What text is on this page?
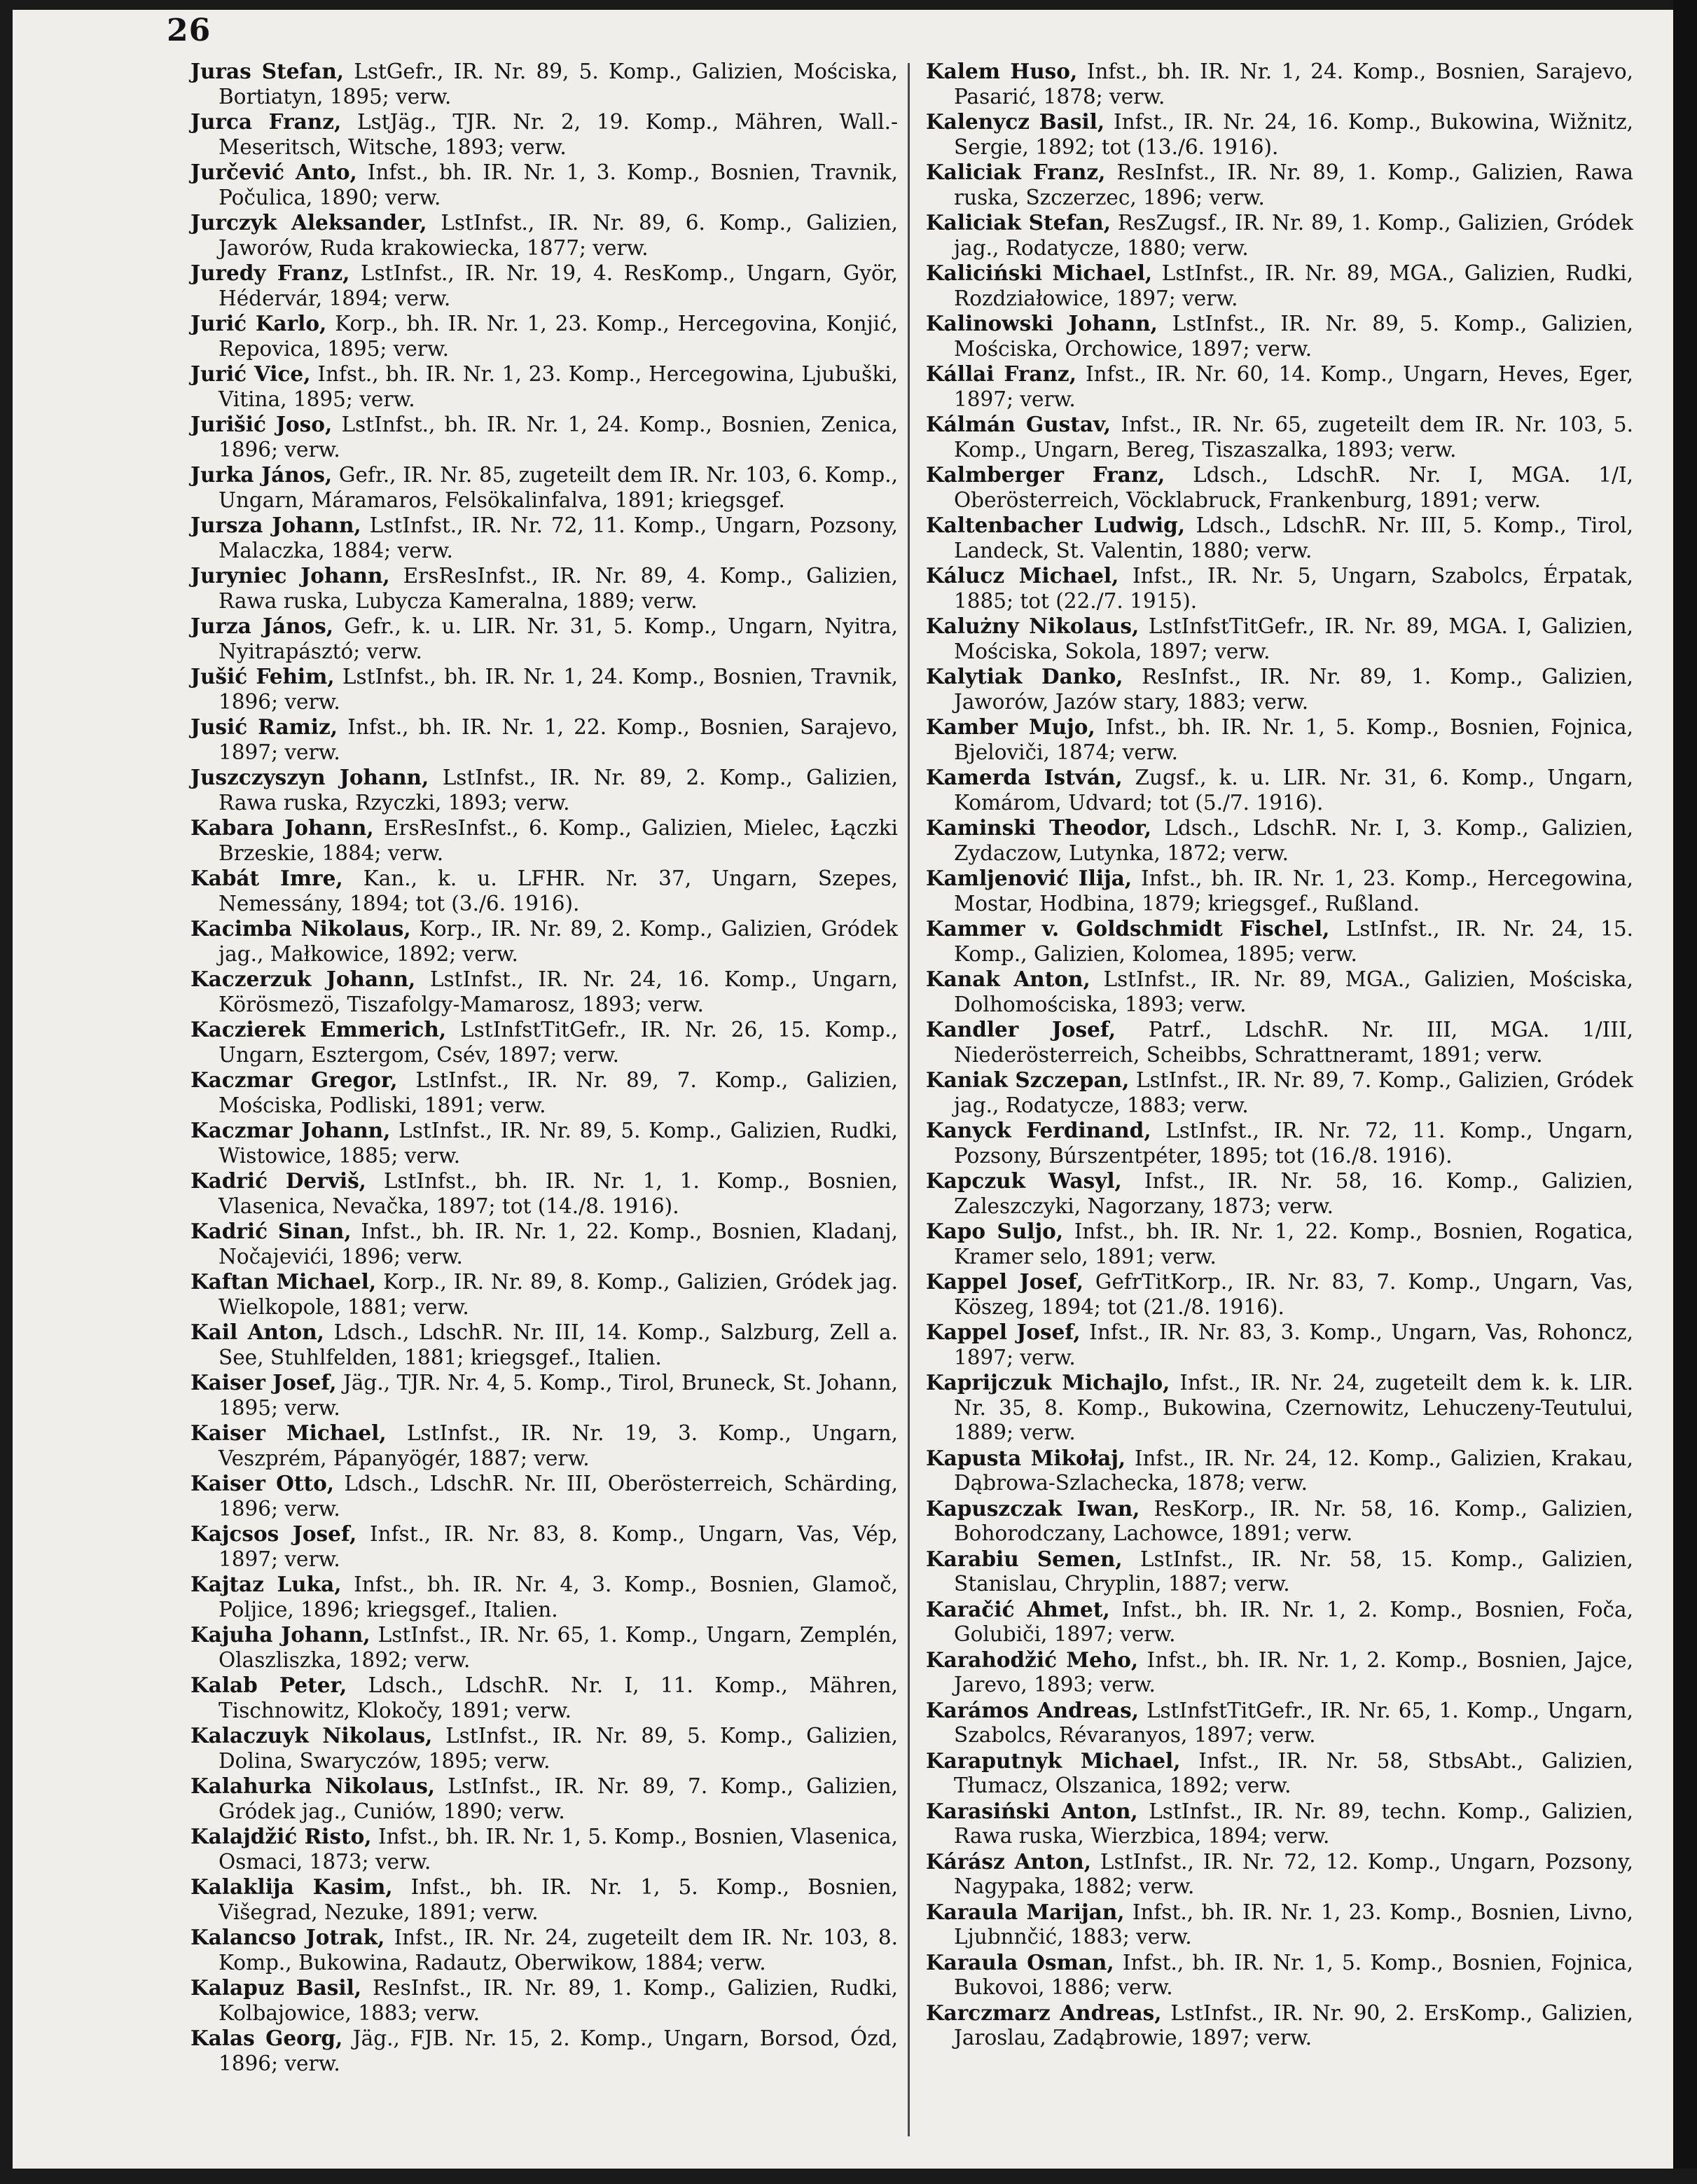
26

Juras Stefan, LstGefr., IR. Nr. 89, 5. Komp., Galizien, Mościska, Bortiatyn, 1895; verw.

Jurca Franz, LstJäg., TJR. Nr. 2, 19. Komp., Mähren, Wall.-Meseritsch, Witsche, 1893; verw.

Jurčević Anto, Infst., bh. IR. Nr. 1, 3. Komp., Bosnien, Travnik, Počulica, 1890; verw.

Jurczyk Aleksander, LstInfst., IR. Nr. 89, 6. Komp., Galizien, Jaworów, Ruda krakowiecka, 1877; verw.

Juredy Franz, LstInfst., IR. Nr. 19, 4. ResKomp., Ungarn, Györ, Hédervár, 1894; verw.

Jurić Karlo, Korp., bh. IR. Nr. 1, 23. Komp., Hercegovina, Konjić, Repovica, 1895; verw.

Jurić Vice, Infst., bh. IR. Nr. 1, 23. Komp., Hercegowina, Ljubuški, Vitina, 1895; verw.

Jurišić Joso, LstInfst., bh. IR. Nr. 1, 24. Komp., Bosnien, Zenica, 1896; verw.

Jurka János, Gefr., IR. Nr. 85, zugeteilt dem IR. Nr. 103, 6. Komp., Ungarn, Máramaros, Felsökalinfalva, 1891; kriegsgef.

Jursza Johann, LstInfst., IR. Nr. 72, 11. Komp., Ungarn, Pozsony, Malaczka, 1884; verw.

Juryniec Johann, ErsResInfst., IR. Nr. 89, 4. Komp., Galizien, Rawa ruska, Lubycza Kameralna, 1889; verw.

Jurza János, Gefr., k. u. LIR. Nr. 31, 5. Komp., Ungarn, Nyitra, Nyitrapásztó; verw.

Jušić Fehim, LstInfst., bh. IR. Nr. 1, 24. Komp., Bosnien, Travnik, 1896; verw.

Jusić Ramiz, Infst., bh. IR. Nr. 1, 22. Komp., Bosnien, Sarajevo, 1897; verw.

Juszczyszyn Johann, LstInfst., IR. Nr. 89, 2. Komp., Galizien, Rawa ruska, Rzyczki, 1893; verw.

Kabara Johann, ErsResInfst., 6. Komp., Galizien, Mielec, Łączki Brzeskie, 1884; verw.

Kabát Imre, Kan., k. u. LFHR. Nr. 37, Ungarn, Szepes, Nemessány, 1894; tot (3./6. 1916).

Kacimba Nikolaus, Korp., IR. Nr. 89, 2. Komp., Galizien, Gródek jag., Małkowice, 1892; verw.

Kaczerzuk Johann, LstInfst., IR. Nr. 24, 16. Komp., Ungarn, Körösmezö, Tiszafolgy-Mamarosz, 1893; verw.

Kaczierek Emmerich, LstInfstTitGefr., IR. Nr. 26, 15. Komp., Ungarn, Esztergom, Csév, 1897; verw.

Kaczmar Gregor, LstInfst., IR. Nr. 89, 7. Komp., Galizien, Mościska, Podliski, 1891; verw.

Kaczmar Johann, LstInfst., IR. Nr. 89, 5. Komp., Galizien, Rudki, Wistowice, 1885; verw.

Kadrić Derviš, LstInfst., bh. IR. Nr. 1, 1. Komp., Bosnien, Vlasenica, Nevačka, 1897; tot (14./8. 1916).

Kadrić Sinan, Infst., bh. IR. Nr. 1, 22. Komp., Bosnien, Kladanj, Nočajevići, 1896; verw.

Kaftan Michael, Korp., IR. Nr. 89, 8. Komp., Galizien, Gródek jag. Wielkopole, 1881; verw.

Kail Anton, Ldsch., LdschR. Nr. III, 14. Komp., Salzburg, Zell a. See, Stuhlfelden, 1881; kriegsgef., Italien.

Kaiser Josef, Jäg., TJR. Nr. 4, 5. Komp., Tirol, Bruneck, St. Johann, 1895; verw.

Kaiser Michael, LstInfst., IR. Nr. 19, 3. Komp., Ungarn, Veszprém, Pápanyögér, 1887; verw.

Kaiser Otto, Ldsch., LdschR. Nr. III, Oberösterreich, Schärding, 1896; verw.

Kajcsos Josef, Infst., IR. Nr. 83, 8. Komp., Ungarn, Vas, Vép, 1897; verw.

Kajtaz Luka, Infst., bh. IR. Nr. 4, 3. Komp., Bosnien, Glamoč, Poljice, 1896; kriegsgef., Italien.

Kajuha Johann, LstInfst., IR. Nr. 65, 1. Komp., Ungarn, Zemplén, Olaszliszka, 1892; verw.

Kalab Peter, Ldsch., LdschR. Nr. I, 11. Komp., Mähren, Tischnowitz, Klokočy, 1891; verw.

Kalaczuyk Nikolaus, LstInfst., IR. Nr. 89, 5. Komp., Galizien, Dolina, Swaryczów, 1895; verw.

Kalahurka Nikolaus, LstInfst., IR. Nr. 89, 7. Komp., Galizien, Gródek jag., Cuniów, 1890; verw.

Kalajdžić Risto, Infst., bh. IR. Nr. 1, 5. Komp., Bosnien, Vlasenica, Osmaci, 1873; verw.

Kalaklija Kasim, Infst., bh. IR. Nr. 1, 5. Komp., Bosnien, Višegrad, Nezuke, 1891; verw.

Kalancso Jotrak, Infst., IR. Nr. 24, zugeteilt dem IR. Nr. 103, 8. Komp., Bukowina, Radautz, Oberwikow, 1884; verw.

Kalapuz Basil, ResInfst., IR. Nr. 89, 1. Komp., Galizien, Rudki, Kolbajowice, 1883; verw.

Kalas Georg, Jäg., FJB. Nr. 15, 2. Komp., Ungarn, Borsod, Ózd, 1896; verw.

Kalem Huso, Infst., bh. IR. Nr. 1, 24. Komp., Bosnien, Sarajevo, Pasarić, 1878; verw.

Kalenycz Basil, Infst., IR. Nr. 24, 16. Komp., Bukowina, Wižnitz, Sergie, 1892; tot (13./6. 1916).

Kaliciak Franz, ResInfst., IR. Nr. 89, 1. Komp., Galizien, Rawa ruska, Szczerzec, 1896; verw.

Kaliciak Stefan, ResZugsf., IR. Nr. 89, 1. Komp., Galizien, Gródek jag., Rodatycze, 1880; verw.

Kaliciński Michael, LstInfst., IR. Nr. 89, MGA., Galizien, Rudki, Rozdziałowice, 1897; verw.

Kalinowski Johann, LstInfst., IR. Nr. 89, 5. Komp., Galizien, Mościska, Orchowice, 1897; verw.

Kállai Franz, Infst., IR. Nr. 60, 14. Komp., Ungarn, Heves, Eger, 1897; verw.

Kálmán Gustav, Infst., IR. Nr. 65, zugeteilt dem IR. Nr. 103, 5. Komp., Ungarn, Bereg, Tiszaszalka, 1893; verw.

Kalmberger Franz, Ldsch., LdschR. Nr. I, MGA. 1/I, Oberösterreich, Vöcklabruck, Frankenburg, 1891; verw.

Kaltenbacher Ludwig, Ldsch., LdschR. Nr. III, 5. Komp., Tirol, Landeck, St. Valentin, 1880; verw.

Kálucz Michael, Infst., IR. Nr. 5, Ungarn, Szabolcs, Érpatak, 1885; tot (22./7. 1915).

Kalużny Nikolaus, LstInfstTitGefr., IR. Nr. 89, MGA. I, Galizien, Mościska, Sokola, 1897; verw.

Kalytiak Danko, ResInfst., IR. Nr. 89, 1. Komp., Galizien, Jaworów, Jazów stary, 1883; verw.

Kamber Mujo, Infst., bh. IR. Nr. 1, 5. Komp., Bosnien, Fojnica, Bjeloviči, 1874; verw.

Kamerda István, Zugsf., k. u. LIR. Nr. 31, 6. Komp., Ungarn, Komárom, Udvard; tot (5./7. 1916).

Kaminski Theodor, Ldsch., LdschR. Nr. I, 3. Komp., Galizien, Zydaczow, Lutynka, 1872; verw.

Kamljenović Ilija, Infst., bh. IR. Nr. 1, 23. Komp., Hercegowina, Mostar, Hodbina, 1879; kriegsgef., Rußland.

Kammer v. Goldschmidt Fischel, LstInfst., IR. Nr. 24, 15. Komp., Galizien, Kolomea, 1895; verw.

Kanak Anton, LstInfst., IR. Nr. 89, MGA., Galizien, Mościska, Dolhomościska, 1893; verw.

Kandler Josef, Patrf., LdschR. Nr. III, MGA. 1/III, Niederösterreich, Scheibbs, Schrattneramt, 1891; verw.

Kaniak Szczepan, LstInfst., IR. Nr. 89, 7. Komp., Galizien, Gródek jag., Rodatycze, 1883; verw.

Kanyck Ferdinand, LstInfst., IR. Nr. 72, 11. Komp., Ungarn, Pozsony, Búrszentpéter, 1895; tot (16./8. 1916).

Kapczuk Wasyl, Infst., IR. Nr. 58, 16. Komp., Galizien, Zaleszczyki, Nagorzany, 1873; verw.

Kapo Suljo, Infst., bh. IR. Nr. 1, 22. Komp., Bosnien, Rogatica, Kramer selo, 1891; verw.

Kappel Josef, GefrTitKorp., IR. Nr. 83, 7. Komp., Ungarn, Vas, Köszeg, 1894; tot (21./8. 1916).

Kappel Josef, Infst., IR. Nr. 83, 3. Komp., Ungarn, Vas, Rohoncz, 1897; verw.

Kaprijczuk Michajlo, Infst., IR. Nr. 24, zugeteilt dem k. k. LIR. Nr. 35, 8. Komp., Bukowina, Czernowitz, Lehuczeny-Teutului, 1889; verw.

Kapusta Mikołaj, Infst., IR. Nr. 24, 12. Komp., Galizien, Krakau, Dąbrowa-Szlachecka, 1878; verw.

Kapuszczak Iwan, ResKorp., IR. Nr. 58, 16. Komp., Galizien, Bohorodczany, Lachowce, 1891; verw.

Karabiu Semen, LstInfst., IR. Nr. 58, 15. Komp., Galizien, Stanislau, Chryplin, 1887; verw.

Karačić Ahmet, Infst., bh. IR. Nr. 1, 2. Komp., Bosnien, Foča, Golubiči, 1897; verw.

Karahodžić Meho, Infst., bh. IR. Nr. 1, 2. Komp., Bosnien, Jajce, Jarevo, 1893; verw.

Karámos Andreas, LstInfstTitGefr., IR. Nr. 65, 1. Komp., Ungarn, Szabolcs, Révaranyos, 1897; verw.

Karaputnyk Michael, Infst., IR. Nr. 58, StbsAbt., Galizien, Tłumacz, Olszanica, 1892; verw.

Karasiński Anton, LstInfst., IR. Nr. 89, techn. Komp., Galizien, Rawa ruska, Wierzbica, 1894; verw.

Kárász Anton, LstInfst., IR. Nr. 72, 12. Komp., Ungarn, Pozsony, Nagypaka, 1882; verw.

Karaula Marijan, Infst., bh. IR. Nr. 1, 23. Komp., Bosnien, Livno, Ljubnnčić, 1883; verw.

Karaula Osman, Infst., bh. IR. Nr. 1, 5. Komp., Bosnien, Fojnica, Bukovoi, 1886; verw.

Karczmarz Andreas, LstInfst., IR. Nr. 90, 2. ErsKomp., Galizien, Jaroslau, Zadąbrowie, 1897; verw.
